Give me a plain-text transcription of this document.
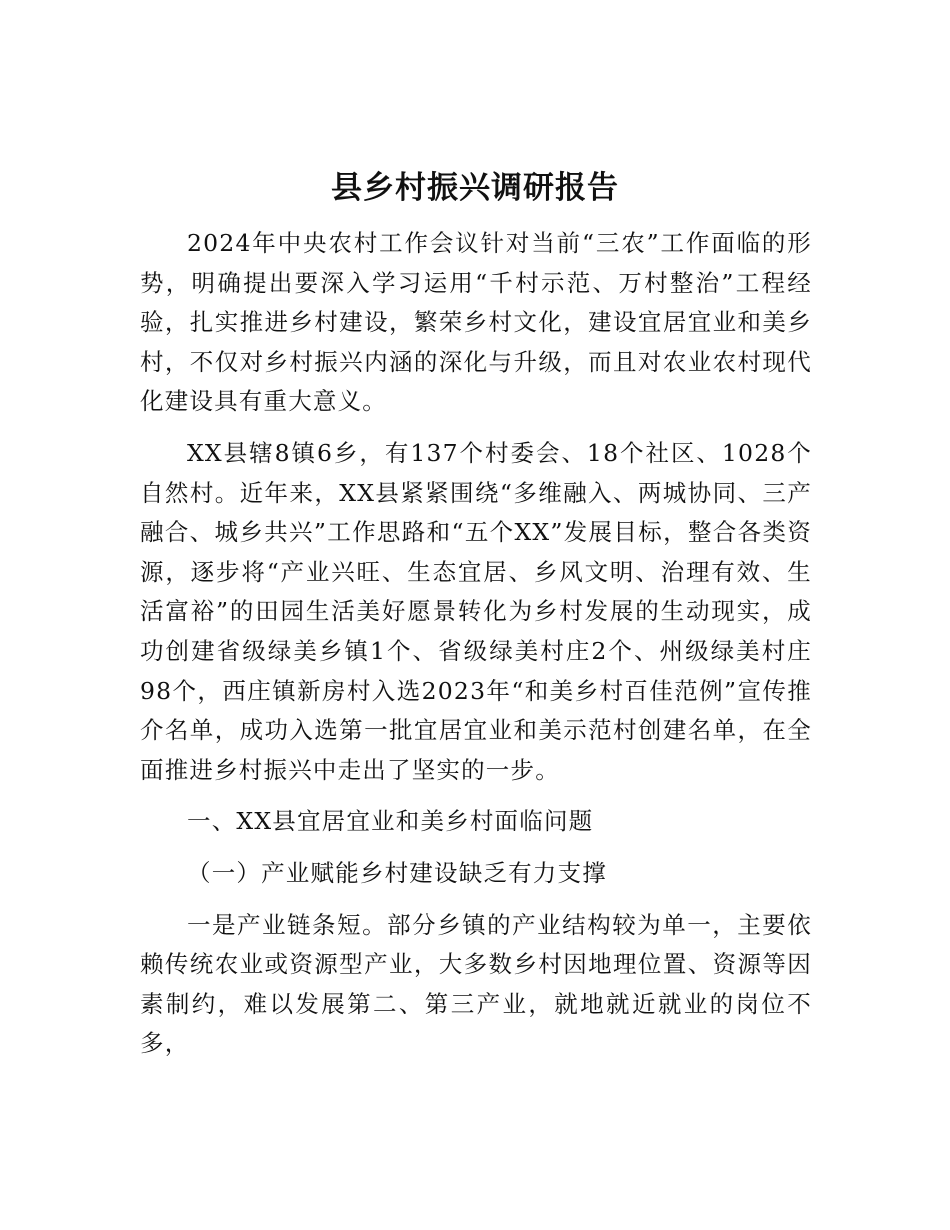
县乡村振兴调研报告

2024年中央农村工作会议针对当前“三农”工作面临的形势，明确提出要深入学习运用“千村示范、万村整治”工程经验，扎实推进乡村建设，繁荣乡村文化，建设宜居宜业和美乡村，不仅对乡村振兴内涵的深化与升级，而且对农业农村现代化建设具有重大意义。

XX县辖8镇6乡，有137个村委会、18个社区、1028个自然村。近年来，XX县紧紧围绕“多维融入、两城协同、三产融合、城乡共兴”工作思路和“五个XX”发展目标，整合各类资源，逐步将“产业兴旺、生态宜居、乡风文明、治理有效、生活富裕”的田园生活美好愿景转化为乡村发展的生动现实，成功创建省级绿美乡镇1个、省级绿美村庄2个、州级绿美村庄98个，西庄镇新房村入选2023年“和美乡村百佳范例”宣传推介名单，成功入选第一批宜居宜业和美示范村创建名单，在全面推进乡村振兴中走出了坚实的一步。

一、XX县宜居宜业和美乡村面临问题

（一）产业赋能乡村建设缺乏有力支撑

一是产业链条短。部分乡镇的产业结构较为单一，主要依赖传统农业或资源型产业，大多数乡村因地理位置、资源等因素制约，难以发展第二、第三产业，就地就近就业的岗位不多，
